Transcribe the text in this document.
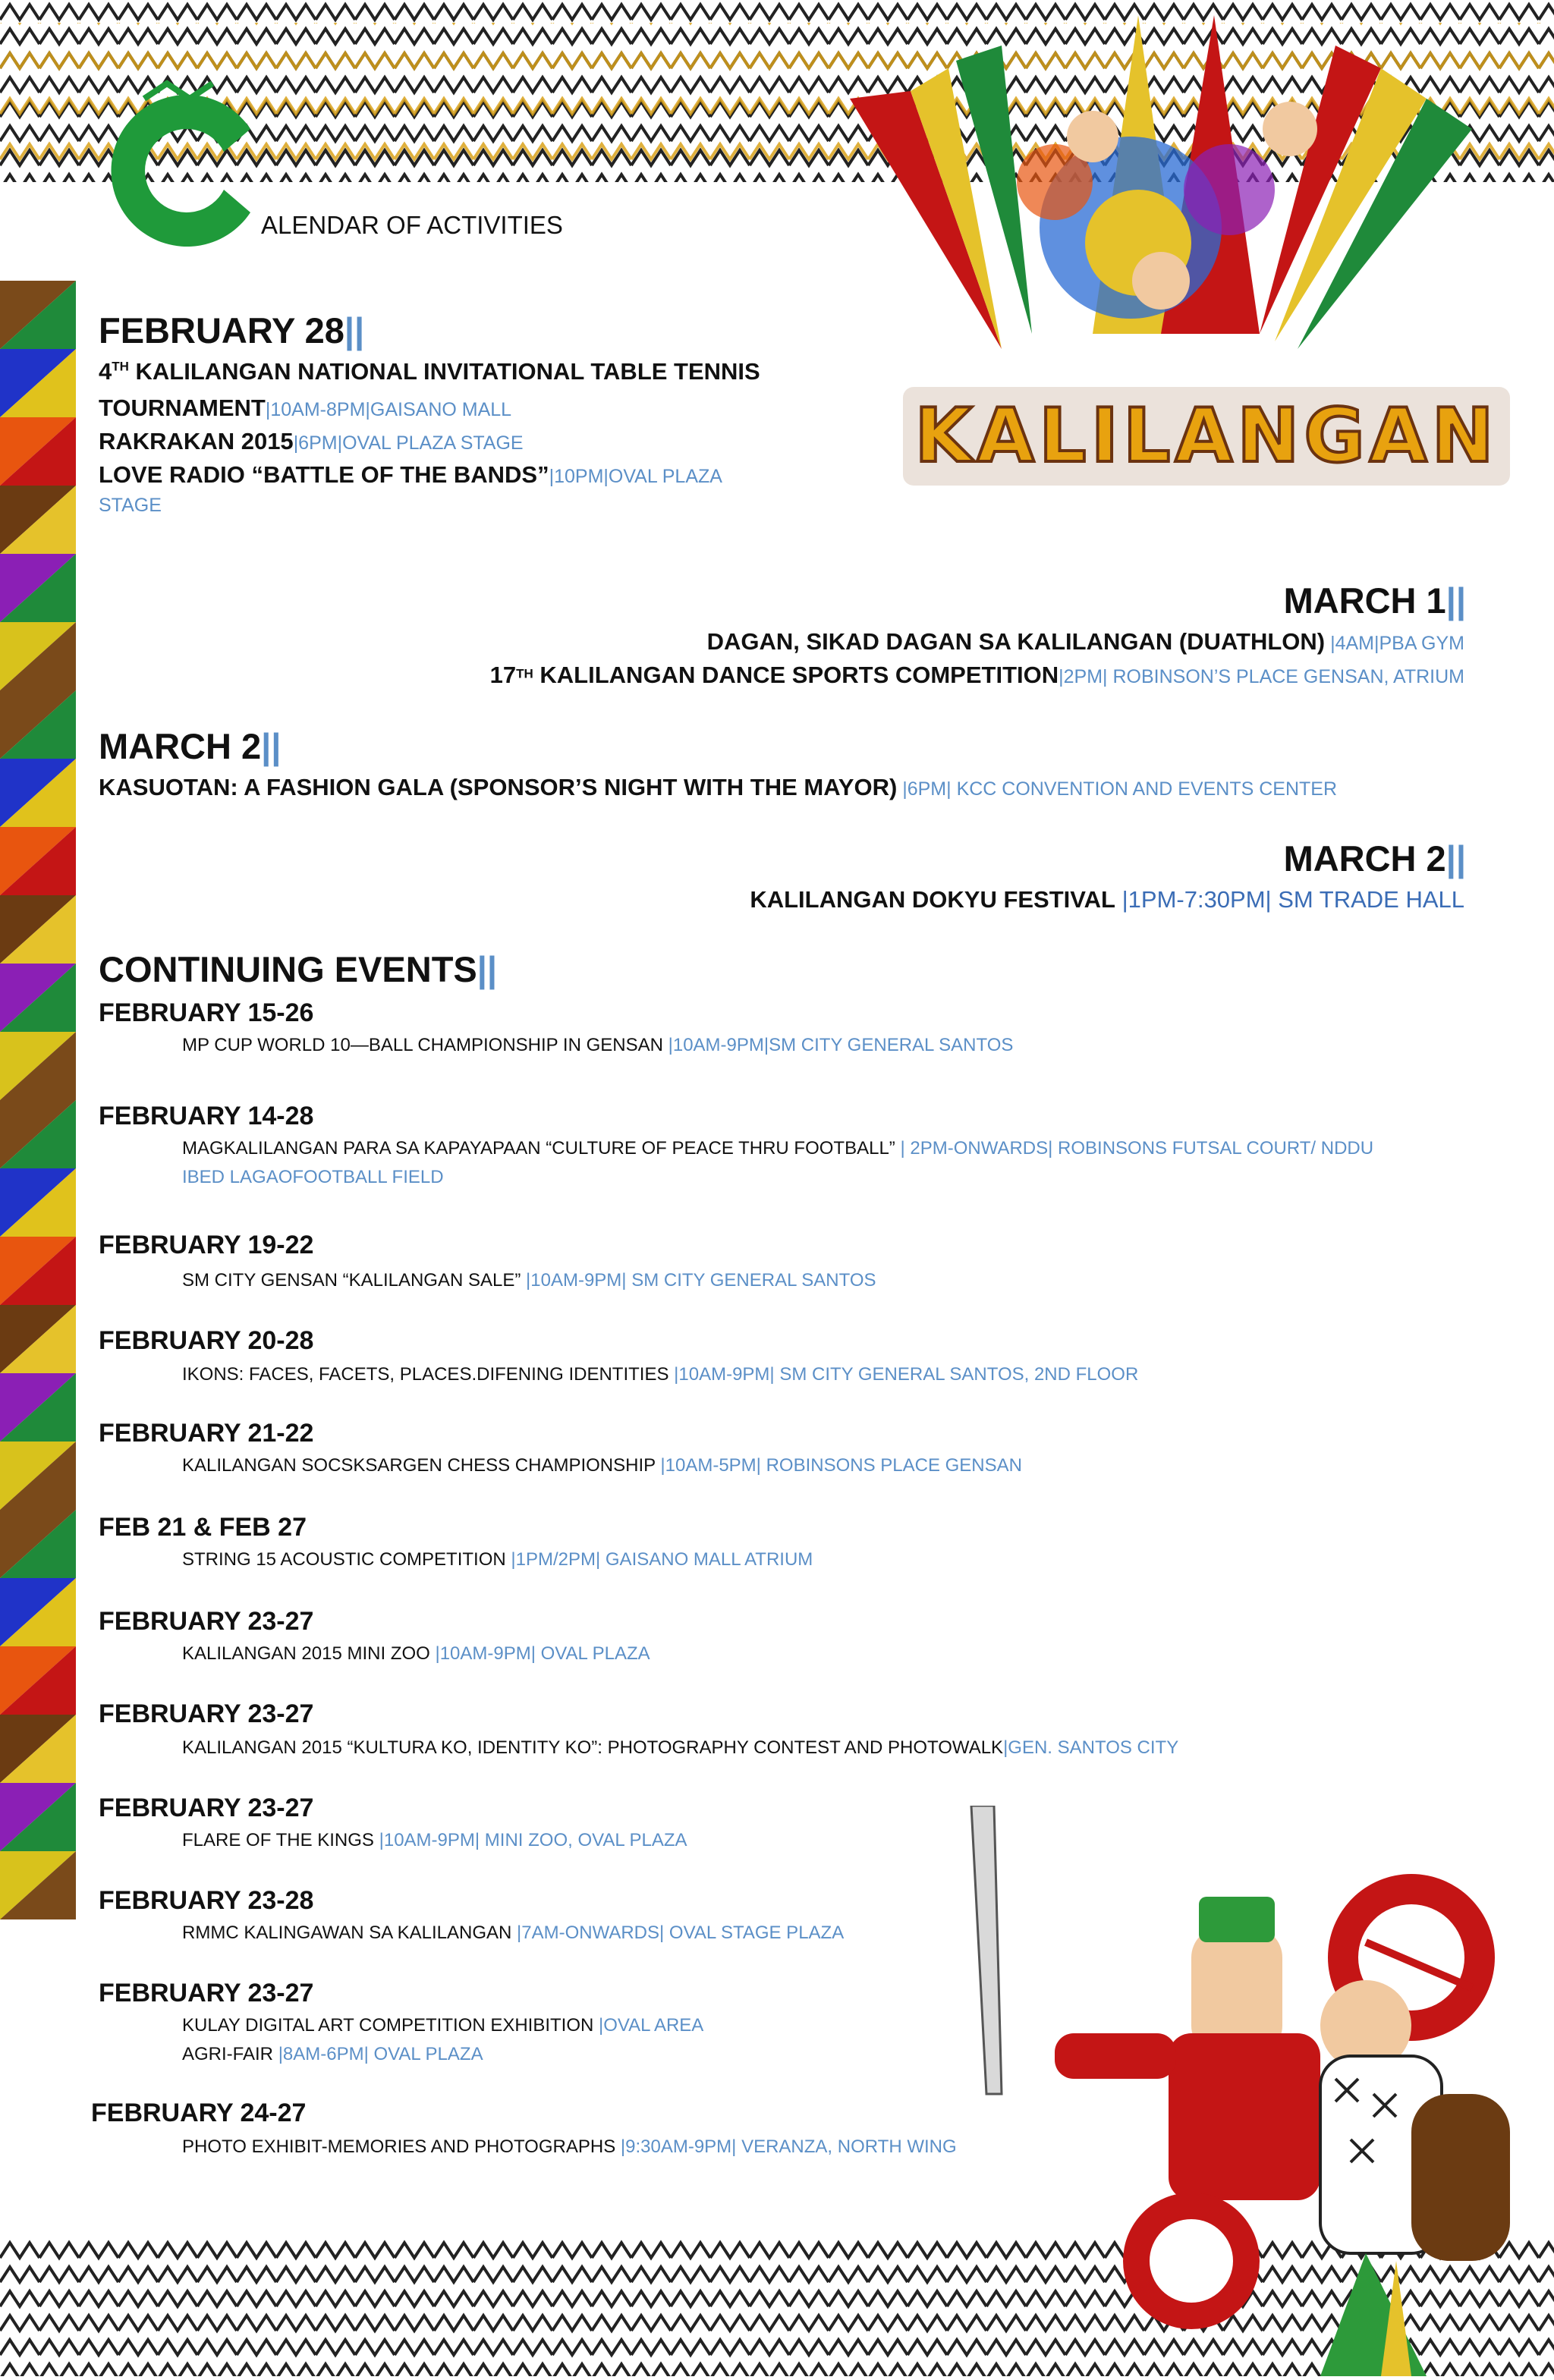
ALENDAR OF ACTIVITIES
KALILANGAN
FEBRUARY 28||
4TH KALILANGAN NATIONAL INVITATIONAL TABLE TENNIS
TOURNAMENT|10AM-8PM|GAISANO MALL
RAKRAKAN 2015|6PM|OVAL PLAZA STAGE
LOVE RADIO “BATTLE OF THE BANDS”|10PM|OVAL PLAZA
STAGE
MARCH 1||
DAGAN, SIKAD DAGAN SA KALILANGAN (DUATHLON) |4AM|PBA GYM
17TH KALILANGAN DANCE SPORTS COMPETITION|2PM| ROBINSON’S PLACE GENSAN, ATRIUM
MARCH 2||
KASUOTAN: A FASHION GALA (SPONSOR’S NIGHT WITH THE MAYOR) |6PM| KCC CONVENTION AND EVENTS CENTER
MARCH 2||
KALILANGAN DOKYU FESTIVAL |1PM-7:30PM| SM TRADE HALL
CONTINUING EVENTS||
FEBRUARY 15-26
MP CUP WORLD 10—BALL CHAMPIONSHIP IN GENSAN |10AM-9PM|SM CITY GENERAL SANTOS
FEBRUARY 14-28
MAGKALILANGAN PARA SA KAPAYAPAAN “CULTURE OF PEACE THRU FOOTBALL” | 2PM-ONWARDS| ROBINSONS FUTSAL COURT/ NDDU
IBED LAGAOFOOTBALL FIELD
FEBRUARY 19-22
SM CITY GENSAN “KALILANGAN SALE” |10AM-9PM| SM CITY GENERAL SANTOS
FEBRUARY 20-28
IKONS: FACES, FACETS, PLACES.DIFENING IDENTITIES |10AM-9PM| SM CITY GENERAL SANTOS, 2ND FLOOR
FEBRUARY 21-22
KALILANGAN SOCSKSARGEN CHESS CHAMPIONSHIP |10AM-5PM| ROBINSONS PLACE GENSAN
FEB 21 & FEB 27
STRING 15 ACOUSTIC COMPETITION |1PM/2PM| GAISANO MALL ATRIUM
FEBRUARY 23-27
KALILANGAN 2015 MINI ZOO |10AM-9PM| OVAL PLAZA
FEBRUARY 23-27
KALILANGAN 2015 “KULTURA KO, IDENTITY KO”: PHOTOGRAPHY CONTEST AND PHOTOWALK|GEN. SANTOS CITY
FEBRUARY 23-27
FLARE OF THE KINGS |10AM-9PM| MINI ZOO, OVAL PLAZA
FEBRUARY 23-28
RMMC KALINGAWAN SA KALILANGAN |7AM-ONWARDS| OVAL STAGE PLAZA
FEBRUARY 23-27
KULAY DIGITAL ART COMPETITION EXHIBITION |OVAL AREA
AGRI-FAIR |8AM-6PM| OVAL PLAZA
FEBRUARY 24-27
PHOTO EXHIBIT-MEMORIES AND PHOTOGRAPHS |9:30AM-9PM| VERANZA, NORTH WING
